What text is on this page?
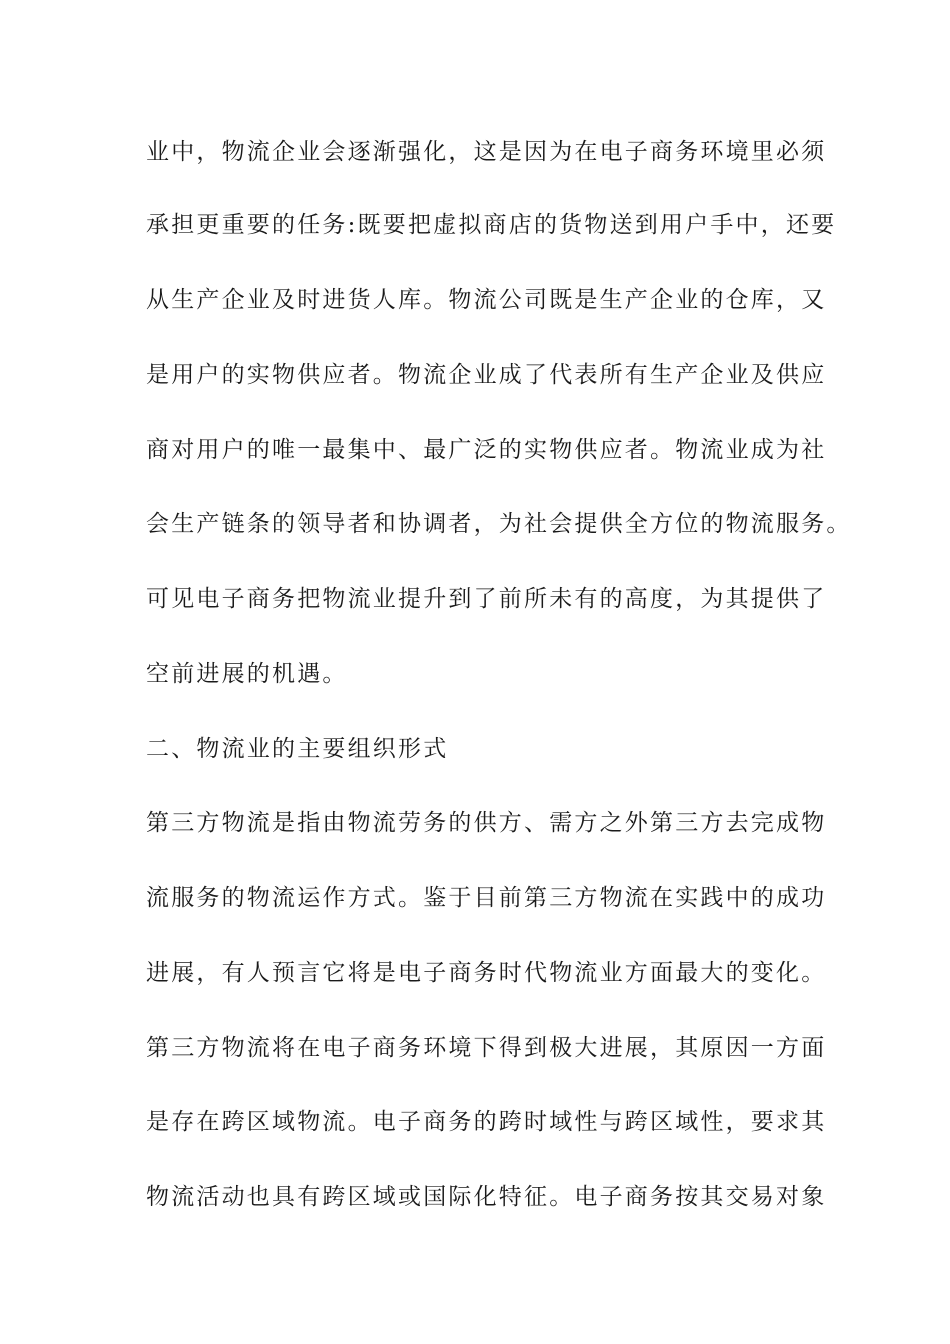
业中，物流企业会逐渐强化，这是因为在电子商务环境里必须
承担更重要的任务:既要把虚拟商店的货物送到用户手中，还要
从生产企业及时进货人库。物流公司既是生产企业的仓库，又
是用户的实物供应者。物流企业成了代表所有生产企业及供应
商对用户的唯一最集中、最广泛的实物供应者。物流业成为社
会生产链条的领导者和协调者，为社会提供全方位的物流服务。
可见电子商务把物流业提升到了前所未有的高度，为其提供了
空前进展的机遇。
二、物流业的主要组织形式
第三方物流是指由物流劳务的供方、需方之外第三方去完成物
流服务的物流运作方式。鉴于目前第三方物流在实践中的成功
进展，有人预言它将是电子商务时代物流业方面最大的变化。
第三方物流将在电子商务环境下得到极大进展，其原因一方面
是存在跨区域物流。电子商务的跨时域性与跨区域性，要求其
物流活动也具有跨区域或国际化特征。电子商务按其交易对象
